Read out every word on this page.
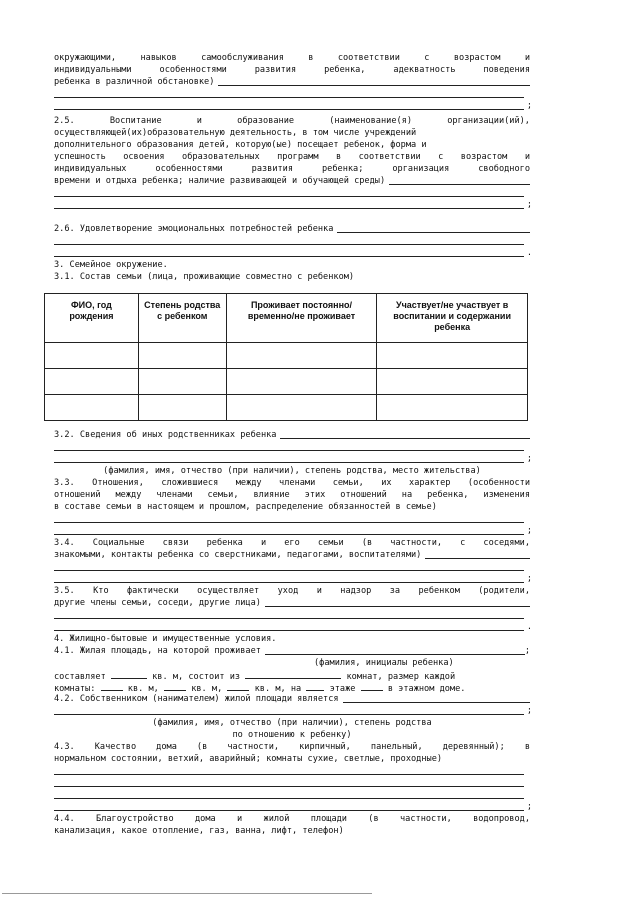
окружающими, навыков самообслуживания в соответствии с возрастом и
индивидуальными особенностями развития ребенка, адекватность поведения
ребенка в различной обстановке)
;
2.5. Воспитание и образование (наименование(я) организации(ий),
осуществляющей(их)образовательную деятельность, в том числе учреждений
дополнительного образования детей, которую(ые) посещает ребенок, форма и
успешность освоения образовательных программ в соответствии с возрастом и
индивидуальных особенностями развития ребенка; организация свободного
времени и отдыха ребенка; наличие развивающей и обучающей среды)
;
2.6. Удовлетворение эмоциональных потребностей ребенка
.
3. Семейное окружение.
3.1. Состав семьи (лица, проживающие совместно с ребенком)
ФИО, год рождения	Степень родства с ребенком	Проживает постоянно/временно/не проживает	Участвует/не участвует в воспитании и содержании ребенка

3.2. Сведения об иных родственниках ребенка
;
(фамилия, имя, отчество (при наличии), степень родства, место жительства)
3.3. Отношения, сложившиеся между членами семьи, их характер (особенности
отношений между членами семьи, влияние этих отношений на ребенка, изменения
в составе семьи в настоящем и прошлом, распределение обязанностей в семье)
;
3.4. Социальные связи ребенка и его семьи (в частности, с соседями,
знакомыми, контакты ребенка со сверстниками, педагогами, воспитателями)
;
3.5. Кто фактически осуществляет уход и надзор за ребенком (родители,
другие члены семьи, соседи, другие лица)
.
4. Жилищно-бытовые и имущественные условия.
4.1. Жилая площадь, на которой проживает	;
(фамилия, инициалы ребенка)
составляет	кв. м, состоит из	комнат, размер каждой
комнаты:	кв. м,	кв. м,	кв. м, на	этаже	в этажном доме.
4.2. Собственником (нанимателем) жилой площади является
;
(фамилия, имя, отчество (при наличии), степень родства
по отношению к ребенку)
4.3. Качество дома (в частности, кирпичный, панельный, деревянный); в
нормальном состоянии, ветхий, аварийный; комнаты сухие, светлые, проходные)
;
4.4. Благоустройство дома и жилой площади (в частности, водопровод,
канализация, какое отопление, газ, ванна, лифт, телефон)
